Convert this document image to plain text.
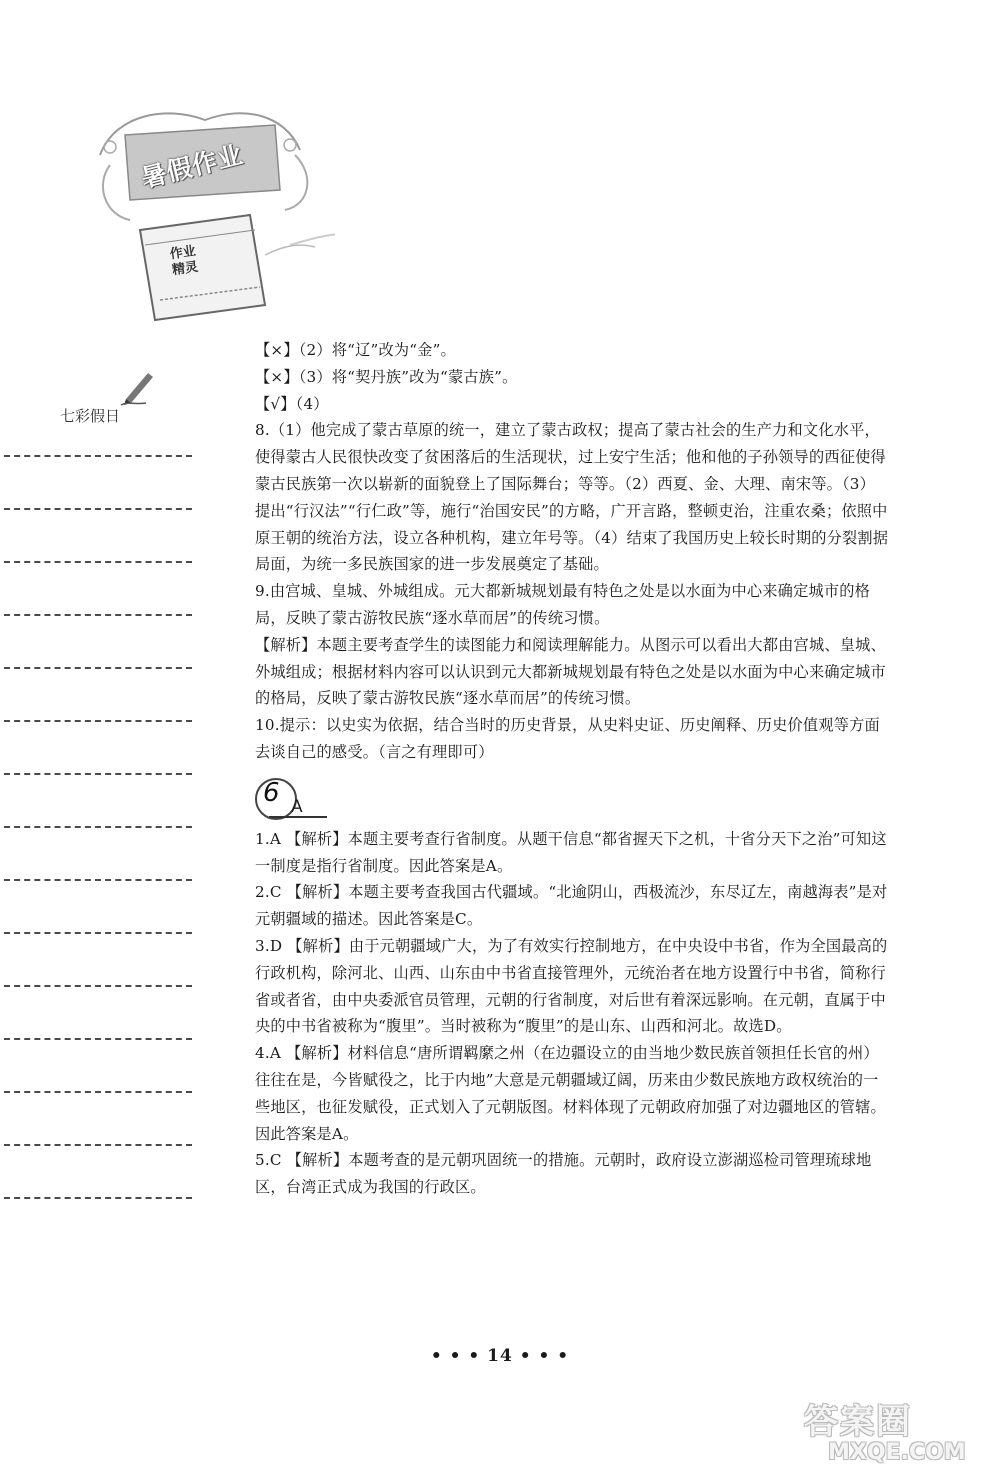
暑假作业
作业精灵
七彩假日

【×】（2）将“辽”改为“金”。

【×】（3）将“契丹族”改为“蒙古族”。

【√】（4）

8.（1）他完成了蒙古草原的统一，建立了蒙古政权；提高了蒙古社会的生产力和文化水平，使得蒙古人民很快改变了贫困落后的生活现状，过上安宁生活；他和他的子孙领导的西征使得蒙古民族第一次以崭新的面貌登上了国际舞台；等等。（2）西夏、金、大理、南宋等。（3）提出“行汉法”“行仁政”等，施行“治国安民”的方略，广开言路，整顿吏治，注重农桑；依照中原王朝的统治方法，设立各种机构，建立年号等。（4）结束了我国历史上较长时期的分裂割据局面，为统一多民族国家的进一步发展奠定了基础。

9.由宫城、皇城、外城组成。元大都新城规划最有特色之处是以水面为中心来确定城市的格局，反映了蒙古游牧民族“逐水草而居”的传统习惯。

【解析】本题主要考查学生的读图能力和阅读理解能力。从图示可以看出大都由宫城、皇城、外城组成；根据材料内容可以认识到元大都新城规划最有特色之处是以水面为中心来确定城市的格局，反映了蒙古游牧民族“逐水草而居”的传统习惯。

10.提示：以史实为依据，结合当时的历史背景，从史料史证、历史阐释、历史价值观等方面去谈自己的感受。（言之有理即可）

6 A

1.A 【解析】本题主要考查行省制度。从题干信息“都省握天下之机，十省分天下之治”可知这一制度是指行省制度。因此答案是A。

2.C 【解析】本题主要考查我国古代疆域。“北逾阴山，西极流沙，东尽辽左，南越海表”是对元朝疆域的描述。因此答案是C。

3.D 【解析】由于元朝疆域广大，为了有效实行控制地方，在中央设中书省，作为全国最高的行政机构，除河北、山西、山东由中书省直接管理外，元统治者在地方设置行中书省，简称行省或者省，由中央委派官员管理，元朝的行省制度，对后世有着深远影响。在元朝，直属于中央的中书省被称为“腹里”。当时被称为“腹里”的是山东、山西和河北。故选D。

4.A 【解析】材料信息“唐所谓羁縻之州（在边疆设立的由当地少数民族首领担任长官的州）往往在是，今皆赋役之，比于内地”大意是元朝疆域辽阔，历来由少数民族地方政权统治的一些地区，也征发赋役，正式划入了元朝版图。材料体现了元朝政府加强了对边疆地区的管辖。因此答案是A。

5.C 【解析】本题考查的是元朝巩固统一的措施。元朝时，政府设立澎湖巡检司管理琉球地区，台湾正式成为我国的行政区。

• • • 14 • • •
答案圈
MXQE.COM
